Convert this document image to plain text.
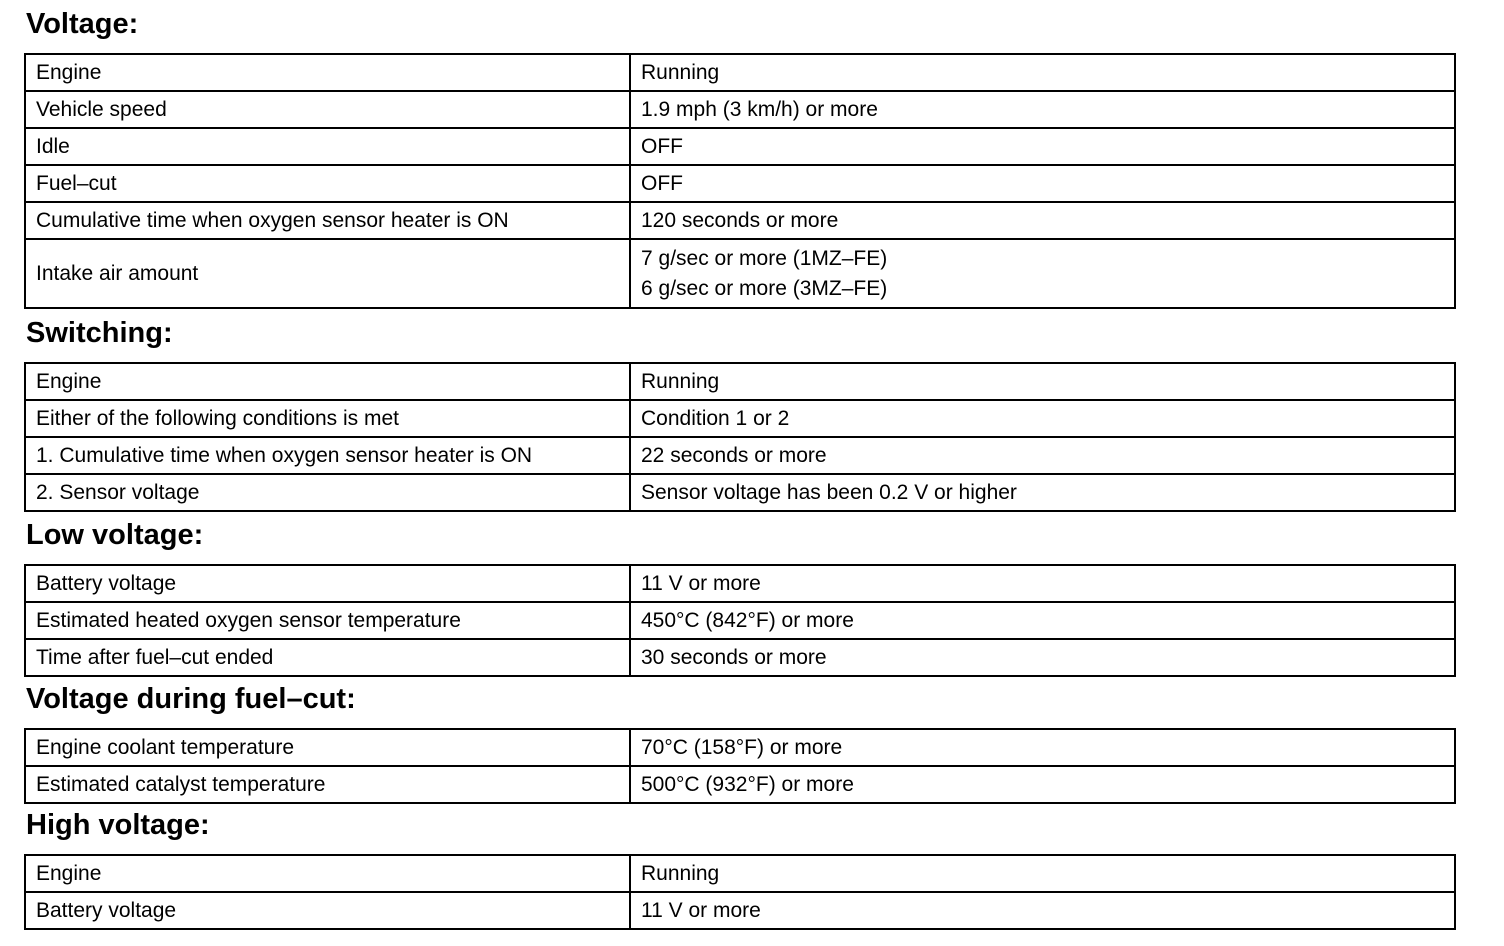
Voltage:
Engine	Running
Vehicle speed	1.9 mph (3 km/h) or more
Idle	OFF
Fuel–cut	OFF
Cumulative time when oxygen sensor heater is ON	120 seconds or more
Intake air amount	7 g/sec or more (1MZ–FE)
6 g/sec or more (3MZ–FE)
Switching:
Engine	Running
Either of the following conditions is met	Condition 1 or 2
1. Cumulative time when oxygen sensor heater is ON	22 seconds or more
2. Sensor voltage	Sensor voltage has been 0.2 V or higher
Low voltage:
Battery voltage	11 V or more
Estimated heated oxygen sensor temperature	450°C (842°F) or more
Time after fuel–cut ended	30 seconds or more
Voltage during fuel–cut:
Engine coolant temperature	70°C (158°F) or more
Estimated catalyst temperature	500°C (932°F) or more
High voltage:
Engine	Running
Battery voltage	11 V or more
